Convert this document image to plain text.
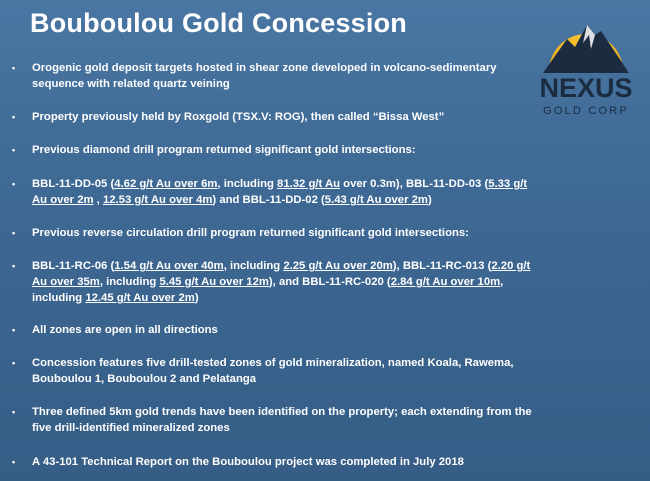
Bouboulou Gold Concession
NEXUS
GOLD CORP
•	Orogenic gold deposit targets hosted in shear zone developed in volcano-sedimentary sequence with related quartz veining
•	Property previously held by Roxgold (TSX.V: ROG), then called “Bissa West”
•	Previous diamond drill program returned significant gold intersections:
•	BBL-11-DD-05 (4.62 g/t Au over 6m, including 81.32 g/t Au over 0.3m), BBL-11-DD-03 (5.33 g/t Au over 2m , 12.53 g/t Au over 4m) and BBL-11-DD-02 (5.43 g/t Au over 2m)
•	Previous reverse circulation drill program returned significant gold intersections:
•	BBL-11-RC-06 (1.54 g/t Au over 40m, including 2.25 g/t Au over 20m), BBL-11-RC-013 (2.20 g/t Au over 35m, including 5.45 g/t Au over 12m), and BBL-11-RC-020 (2.84 g/t Au over 10m, including 12.45 g/t Au over 2m)
•	All zones are open in all directions
•	Concession features five drill-tested zones of gold mineralization, named Koala, Rawema, Bouboulou 1, Bouboulou 2 and Pelatanga
•	Three defined 5km gold trends have been identified on the property; each extending from the five drill-identified mineralized zones
•	A 43-101 Technical Report on the Bouboulou project was completed in July 2018
